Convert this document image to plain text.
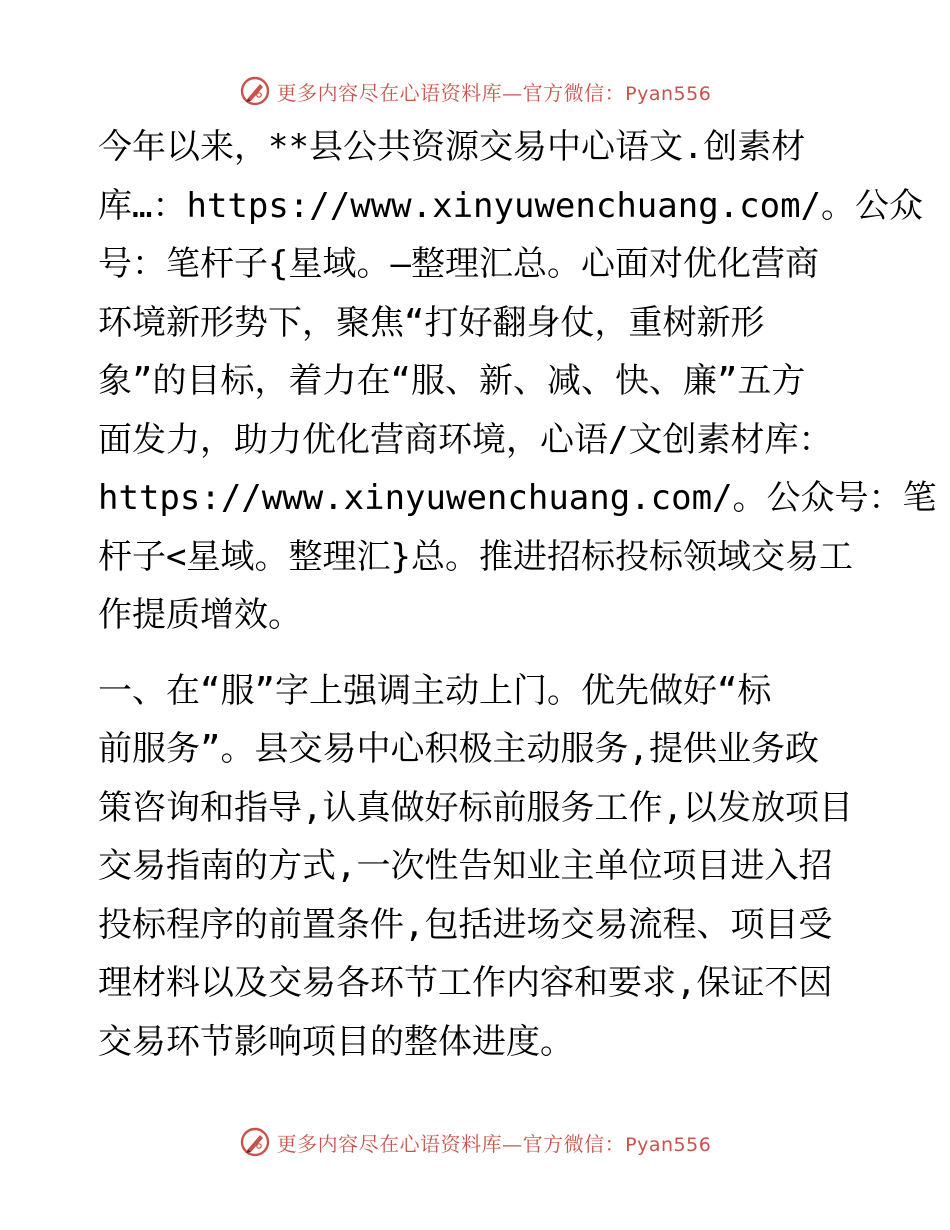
更多内容尽在心语资料库—官方微信：Pyan556

今年以来，**县公共资源交易中心语文.创素材
库…：https://www.xinyuwenchuang.com/。公众
号：笔杆子{星域。—整理汇总。心面对优化营商
环境新形势下，聚焦“打好翻身仗，重树新形
象”的目标，着力在“服、新、减、快、廉”五方
面发力，助力优化营商环境，心语/文创素材库：
https://www.xinyuwenchuang.com/。公众号：笔
杆子<星域。整理汇}总。推进招标投标领域交易工
作提质增效。

一、在“服”字上强调主动上门。优先做好“标
前服务”。县交易中心积极主动服务,提供业务政
策咨询和指导,认真做好标前服务工作,以发放项目
交易指南的方式,一次性告知业主单位项目进入招
投标程序的前置条件,包括进场交易流程、项目受
理材料以及交易各环节工作内容和要求,保证不因
交易环节影响项目的整体进度。

更多内容尽在心语资料库—官方微信：Pyan556
